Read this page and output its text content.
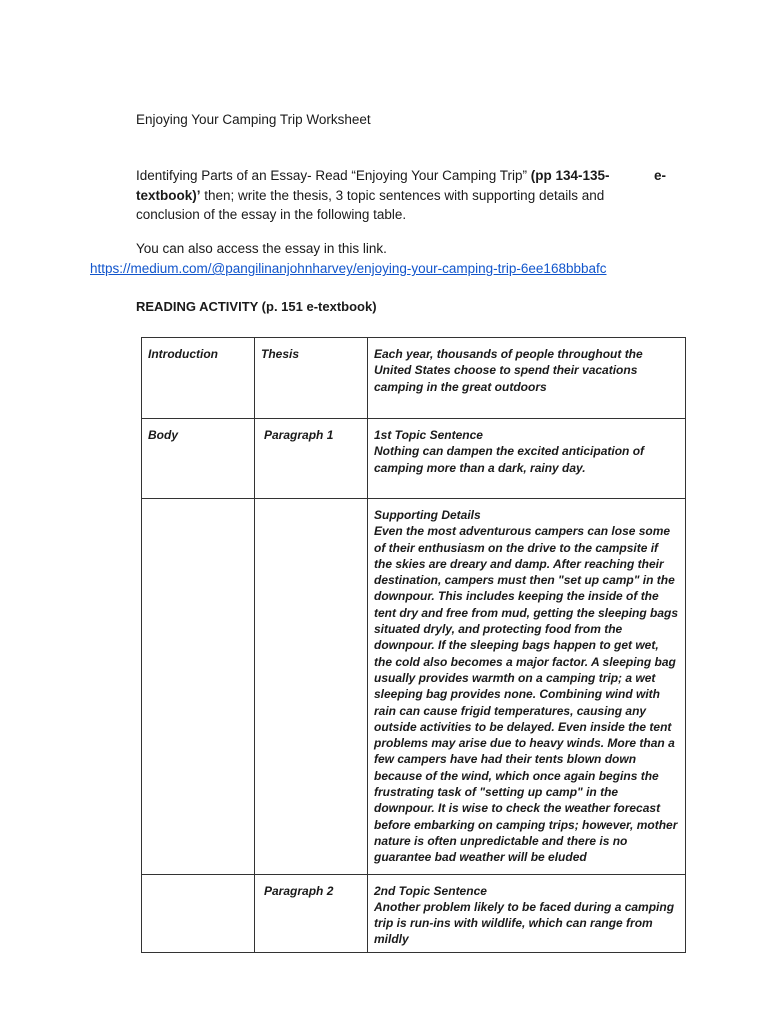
Enjoying Your Camping Trip Worksheet
e-
Identifying Parts of an Essay- Read “Enjoying Your Camping Trip” (pp 134-135- textbook)’ then; write the thesis, 3 topic sentences with supporting details and conclusion of the essay in the following table.
You can also access the essay in this link.
https://medium.com/@pangilinanjohnharvey/enjoying-your-camping-trip-6ee168bbbafc
READING ACTIVITY (p. 151 e-textbook)
Introduction	Thesis	Each year, thousands of people throughout the United States choose to spend their vacations camping in the great outdoors
Body	Paragraph 1	1st Topic Sentence
Nothing can dampen the excited anticipation of camping more than a dark, rainy day.

		Supporting Details
Even the most adventurous campers can lose some of their enthusiasm on the drive to the campsite if the skies are dreary and damp. After reaching their destination, campers must then "set up camp" in the downpour. This includes keeping the inside of the tent dry and free from mud, getting the sleeping bags situated dryly, and protecting food from the downpour. If the sleeping bags happen to get wet, the cold also becomes a major factor. A sleeping bag usually provides warmth on a camping trip; a wet sleeping bag provides none. Combining wind with rain can cause frigid temperatures, causing any outside activities to be delayed. Even inside the tent problems may arise due to heavy winds. More than a few campers have had their tents blown down because of the wind, which once again begins the frustrating task of "setting up camp" in the downpour. It is wise to check the weather forecast before embarking on camping trips; however, mother nature is often unpredictable and there is no guarantee bad weather will be eluded

	Paragraph 2	2nd Topic Sentence
Another problem likely to be faced during a camping trip is run-ins with wildlife, which can range from mildly
